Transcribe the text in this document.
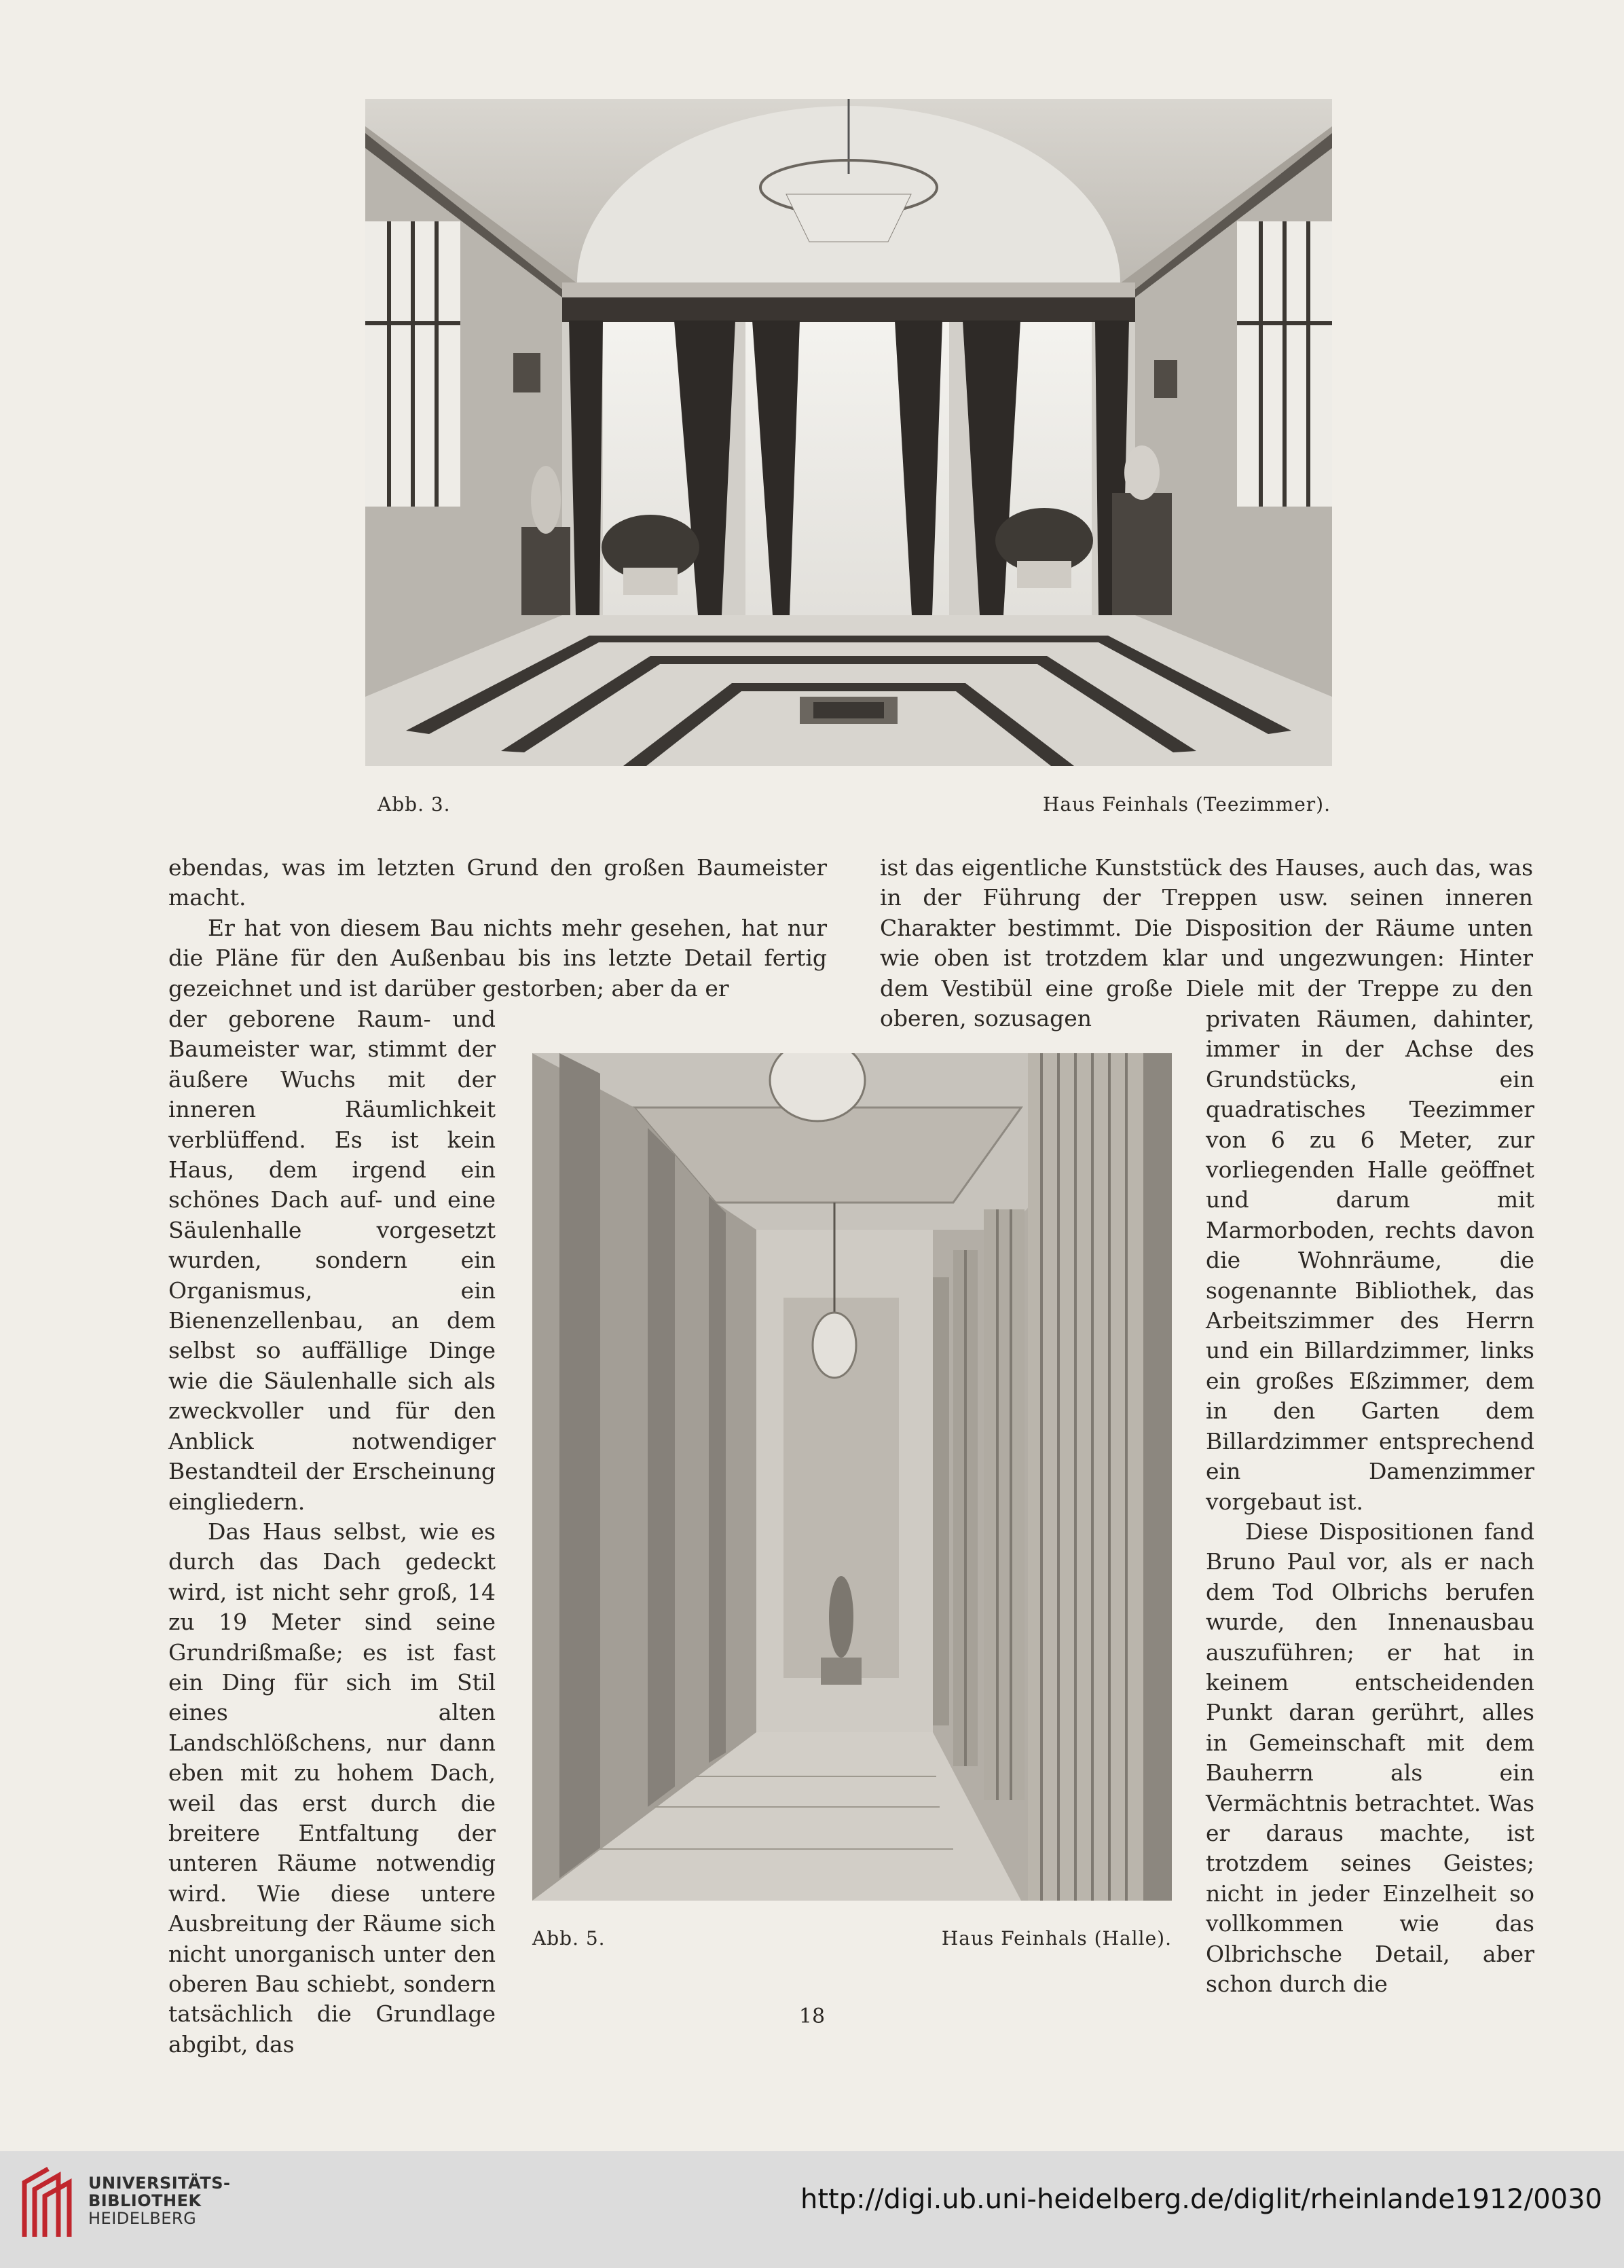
Abb. 3.	Haus Feinhals (Teezimmer).
Abb. 5.	Haus Feinhals (Halle).

ebendas, was im letzten Grund den großen Baumeister macht.

Er hat von diesem Bau nichts mehr gesehen, hat nur die Pläne für den Außenbau bis ins letzte Detail fertig gezeichnet und ist darüber gestorben; aber da er

der geborene Raum- und Baumeister war, stimmt der äußere Wuchs mit der inneren Räumlichkeit verblüffend. Es ist kein Haus, dem irgend ein schönes Dach auf- und eine Säulenhalle vorgesetzt wurden, sondern ein Organismus, ein Bienenzellenbau, an dem selbst so auffällige Dinge wie die Säulenhalle sich als zweckvoller und für den Anblick notwendiger Bestandteil der Erscheinung eingliedern.

Das Haus selbst, wie es durch das Dach gedeckt wird, ist nicht sehr groß, 14 zu 19 Meter sind seine Grundrißmaße; es ist fast ein Ding für sich im Stil eines alten Landschlößchens, nur dann eben mit zu hohem Dach, weil das erst durch die breitere Entfaltung der unteren Räume notwendig wird. Wie diese untere Ausbreitung der Räume sich nicht unorganisch unter den oberen Bau schiebt, sondern tatsächlich die Grundlage abgibt, das

ist das eigentliche Kunststück des Hauses, auch das, was in der Führung der Treppen usw. seinen inneren Charakter bestimmt. Die Disposition der Räume unten wie oben ist trotzdem klar und ungezwungen: Hinter dem Vestibül eine große Diele mit der Treppe zu den oberen, sozusagen	privaten Räumen, dahinter, immer in der Achse des Grundstücks, ein quadratisches Teezimmer von 6 zu 6 Meter, zur vorliegenden Halle geöffnet und darum mit Marmorboden, rechts davon die Wohnräume, die sogenannte Bibliothek, das Arbeitszimmer des Herrn und ein Billardzimmer, links ein großes Eßzimmer, dem in den Garten dem Billardzimmer entsprechend ein Damenzimmer vorgebaut ist.

Diese Dispositionen fand Bruno Paul vor, als er nach dem Tod Olbrichs berufen wurde, den Innenausbau auszuführen; er hat in keinem entscheidenden Punkt daran gerührt, alles in Gemeinschaft mit dem Bauherrn als ein Vermächtnis betrachtet. Was er daraus machte, ist trotzdem seines Geistes; nicht in jeder Einzelheit so vollkommen wie das Olbrichsche Detail, aber schon durch die

18
UNIVERSITÄTS-
BIBLIOTHEK
HEIDELBERG
http://digi.ub.uni-heidelberg.de/diglit/rheinlande1912/0030
